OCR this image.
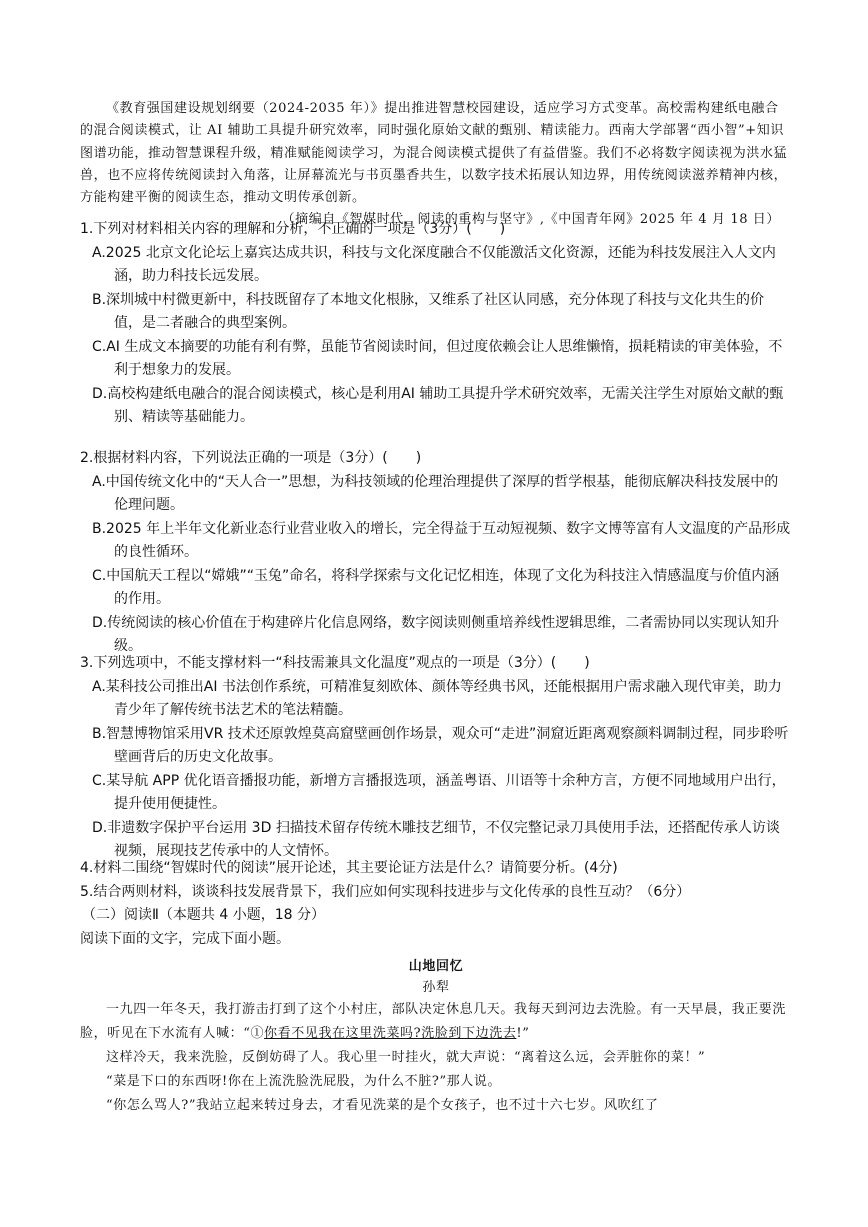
《教育强国建设规划纲要（2024-2035 年）》提出推进智慧校园建设，适应学习方式变革。高校需构建纸电融合的混合阅读模式，让 AI 辅助工具提升研究效率，同时强化原始文献的甄别、精读能力。西南大学部署“西小智”+知识图谱功能，推动智慧课程升级，精准赋能阅读学习，为混合阅读模式提供了有益借鉴。我们不必将数字阅读视为洪水猛兽，也不应将传统阅读封入角落，让屏幕流光与书页墨香共生，以数字技术拓展认知边界，用传统阅读滋养精神内核，方能构建平衡的阅读生态，推动文明传承创新。

（摘编自《智媒时代，阅读的重构与坚守》,《中国青年网》2025 年 4 月 18 日）

1.下列对材料相关内容的理解和分析，不正确的一项是（3分）(　　)

A.2025 北京文化论坛上嘉宾达成共识，科技与文化深度融合不仅能激活文化资源，还能为科技发展注入人文内涵，助力科技长远发展。

B.深圳城中村微更新中，科技既留存了本地文化根脉，又维系了社区认同感，充分体现了科技与文化共生的价值，是二者融合的典型案例。

C.AI 生成文本摘要的功能有利有弊，虽能节省阅读时间，但过度依赖会让人思维懒惰，损耗精读的审美体验，不利于想象力的发展。

D.高校构建纸电融合的混合阅读模式，核心是利用AI 辅助工具提升学术研究效率，无需关注学生对原始文献的甄别、精读等基础能力。

2.根据材料内容，下列说法正确的一项是（3分）(　　)

A.中国传统文化中的“天人合一”思想，为科技领域的伦理治理提供了深厚的哲学根基，能彻底解决科技发展中的伦理问题。

B.2025 年上半年文化新业态行业营业收入的增长，完全得益于互动短视频、数字文博等富有人文温度的产品形成的良性循环。

C.中国航天工程以“嫦娥”“玉兔”命名，将科学探索与文化记忆相连，体现了文化为科技注入情感温度与价值内涵的作用。

D.传统阅读的核心价值在于构建碎片化信息网络，数字阅读则侧重培养线性逻辑思维，二者需协同以实现认知升级。

3.下列选项中，不能支撑材料一“科技需兼具文化温度”观点的一项是（3分）(　　)

A.某科技公司推出AI 书法创作系统，可精准复刻欧体、颜体等经典书风，还能根据用户需求融入现代审美，助力青少年了解传统书法艺术的笔法精髓。

B.智慧博物馆采用VR 技术还原敦煌莫高窟壁画创作场景，观众可“走进”洞窟近距离观察颜料调制过程，同步聆听壁画背后的历史文化故事。

C.某导航 APP 优化语音播报功能，新增方言播报选项，涵盖粤语、川语等十余种方言，方便不同地域用户出行，提升使用便捷性。

D.非遗数字保护平台运用 3D 扫描技术留存传统木雕技艺细节，不仅完整记录刀具使用手法，还搭配传承人访谈视频，展现技艺传承中的人文情怀。

4.材料二围绕“智媒时代的阅读”展开论述，其主要论证方法是什么？请简要分析。(4分)

5.结合两则材料，谈谈科技发展背景下，我们应如何实现科技进步与文化传承的良性互动？（6分）

（二）阅读Ⅱ（本题共 4 小题，18 分）

阅读下面的文字，完成下面小题。

山地回忆

孙犁

一九四一年冬天，我打游击打到了这个小村庄，部队决定休息几天。我每天到河边去洗脸。有一天早晨，我正要洗脸，听见在下水流有人喊：“①你看不见我在这里洗菜吗?洗脸到下边洗去!”

这样冷天，我来洗脸，反倒妨碍了人。我心里一时挂火，就大声说：“离着这么远，会弄脏你的菜！”

“菜是下口的东西呀!你在上流洗脸洗屁股，为什么不脏?”那人说。

“你怎么骂人?”我站立起来转过身去，才看见洗菜的是个女孩子，也不过十六七岁。风吹红了
